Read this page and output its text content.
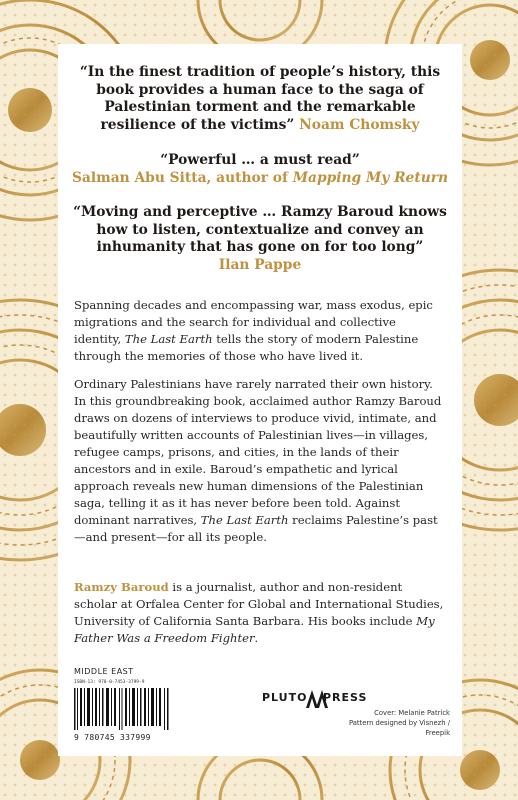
“In the finest tradition of people’s history, this book provides a human face to the saga of Palestinian torment and the remarkable resilience of the victims” Noam Chomsky
“Powerful … a must read”
Salman Abu Sitta, author of Mapping My Return
“Moving and perceptive … Ramzy Baroud knows how to listen, contextualize and convey an inhumanity that has gone on for too long”
Ilan Pappe
Spanning decades and encompassing war, mass exodus, epic migrations and the search for individual and collective identity, The Last Earth tells the story of modern Palestine through the memories of those who have lived it.
Ordinary Palestinians have rarely narrated their own history. In this groundbreaking book, acclaimed author Ramzy Baroud draws on dozens of interviews to produce vivid, intimate, and beautifully written accounts of Palestinian lives—in villages, refugee camps, prisons, and cities, in the lands of their ancestors and in exile. Baroud’s empathetic and lyrical approach reveals new human dimensions of the Palestinian saga, telling it as it has never before been told. Against dominant narratives, The Last Earth reclaims Palestine’s past—and present—for all its people.
Ramzy Baroud is a journalist, author and non-resident scholar at Orfalea Center for Global and International Studies, University of California Santa Barbara. His books include My Father Was a Freedom Fighter.
MIDDLE EAST
ISBN-13: 978-0-7453-3799-9
9 780745 337999
PLUTO PRESS
Cover: Melanie Patrick
Pattern designed by Visnezh / Freepik
